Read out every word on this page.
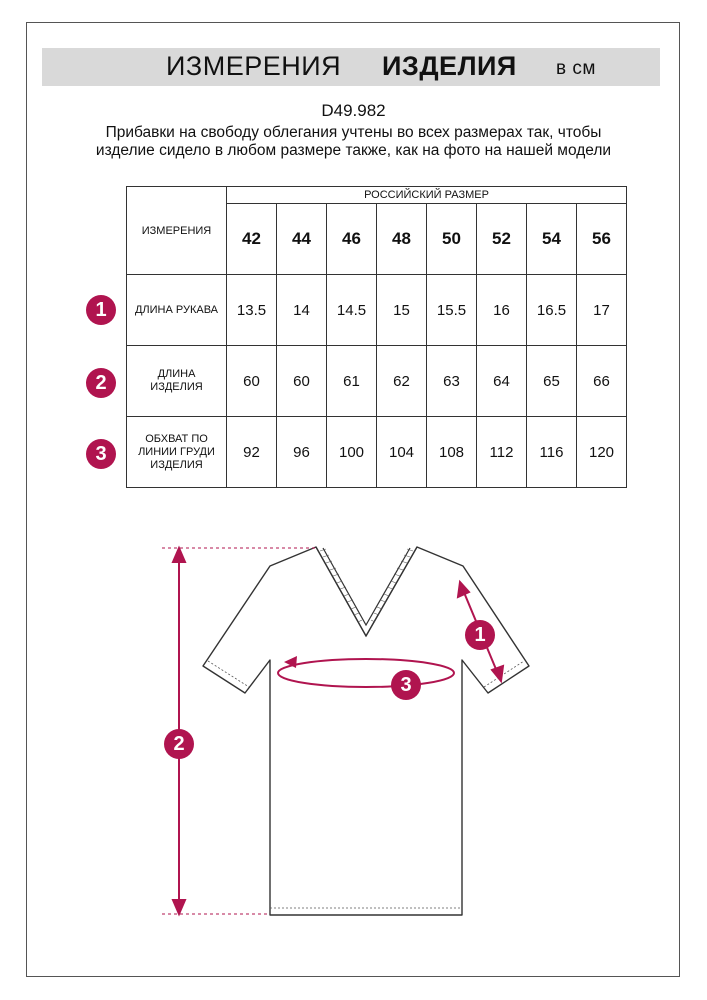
ИЗМЕРЕНИЯ ИЗДЕЛИЯ в см
D49.982
Прибавки на свободу облегания учтены во всех размерах так, чтобы изделие сидело в любом размере также, как на фото на нашей модели
ИЗМЕРЕНИЯ	РОССИЙСКИЙ РАЗМЕР							
	42	44	46	48	50	52	54	56
ДЛИНА РУКАВА	13.5	14	14.5	15	15.5	16	16.5	17
ДЛИНА ИЗДЕЛИЯ	60	60	61	62	63	64	65	66
ОБХВАТ ПО ЛИНИИ ГРУДИ ИЗДЕЛИЯ	92	96	100	104	108	112	116	120
1
2
3
1
2
3
